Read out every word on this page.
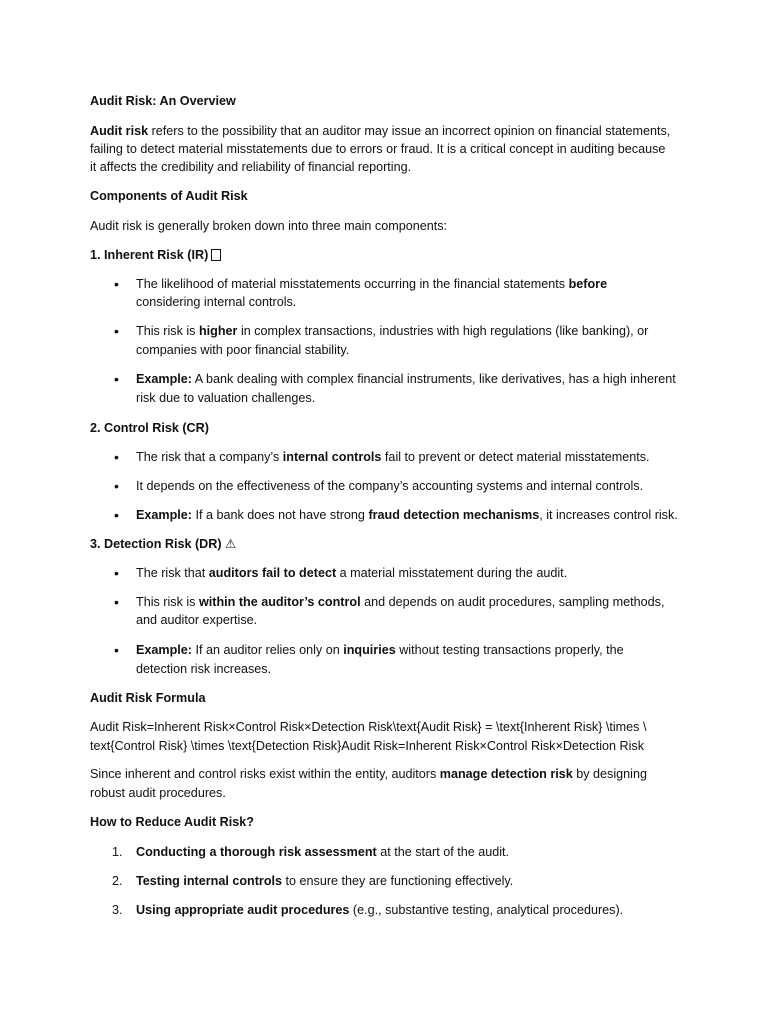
Audit Risk: An Overview
Audit risk refers to the possibility that an auditor may issue an incorrect opinion on financial statements,
failing to detect material misstatements due to errors or fraud. It is a critical concept in auditing because
it affects the credibility and reliability of financial reporting.
Components of Audit Risk
Audit risk is generally broken down into three main components:
1. Inherent Risk (IR)
• The likelihood of material misstatements occurring in the financial statements before
considering internal controls.
• This risk is higher in complex transactions, industries with high regulations (like banking), or
companies with poor financial stability.
• Example: A bank dealing with complex financial instruments, like derivatives, has a high inherent
risk due to valuation challenges.
2. Control Risk (CR)
• The risk that a company’s internal controls fail to prevent or detect material misstatements.
• It depends on the effectiveness of the company’s accounting systems and internal controls.
• Example: If a bank does not have strong fraud detection mechanisms, it increases control risk.
3. Detection Risk (DR) ⚠
• The risk that auditors fail to detect a material misstatement during the audit.
• This risk is within the auditor’s control and depends on audit procedures, sampling methods,
and auditor expertise.
• Example: If an auditor relies only on inquiries without testing transactions properly, the
detection risk increases.
Audit Risk Formula
Audit Risk=Inherent Risk×Control Risk×Detection Risk\text{Audit Risk} = \text{Inherent Risk} \times \
text{Control Risk} \times \text{Detection Risk}Audit Risk=Inherent Risk×Control Risk×Detection Risk
Since inherent and control risks exist within the entity, auditors manage detection risk by designing
robust audit procedures.
How to Reduce Audit Risk?
1. Conducting a thorough risk assessment at the start of the audit.
2. Testing internal controls to ensure they are functioning effectively.
3. Using appropriate audit procedures (e.g., substantive testing, analytical procedures).
